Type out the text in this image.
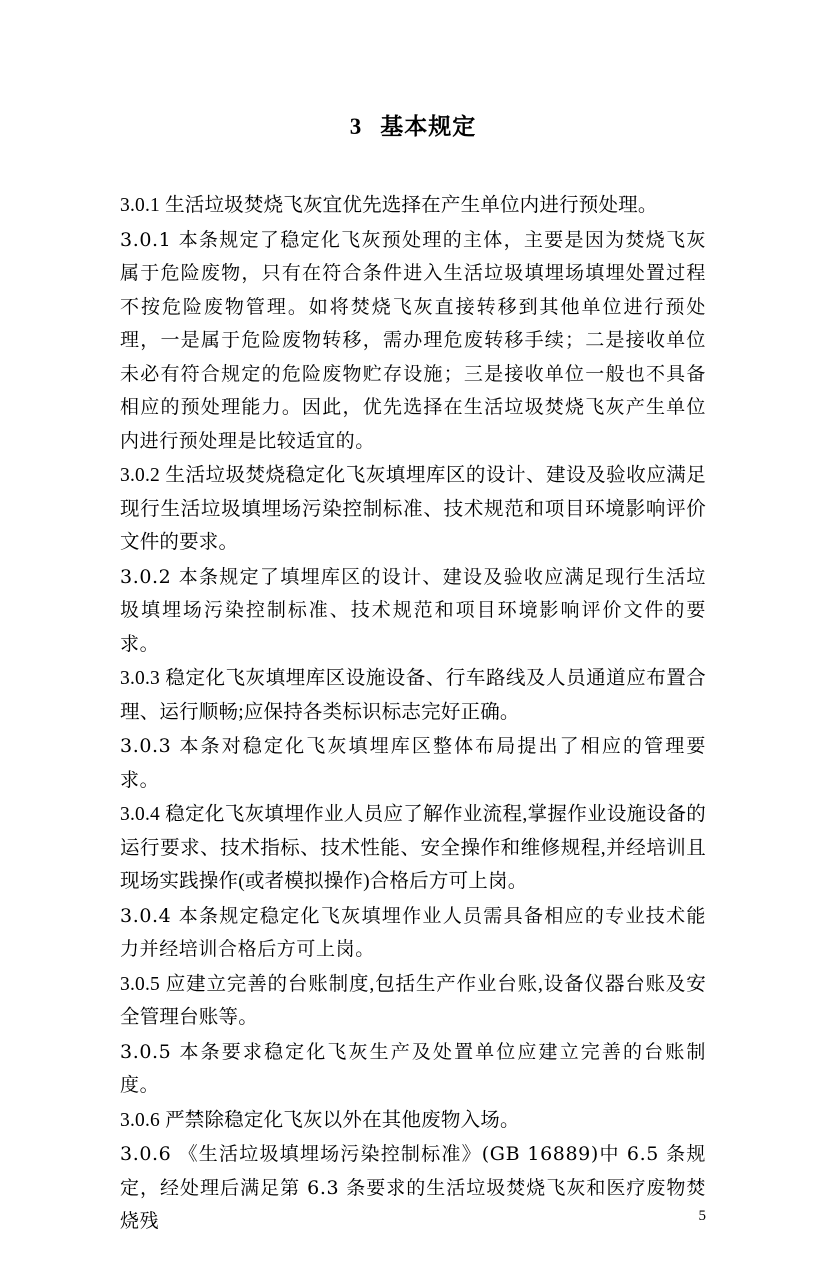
3 基本规定

3.0.1 生活垃圾焚烧飞灰宜优先选择在产生单位内进行预处理。

3.0.1 本条规定了稳定化飞灰预处理的主体，主要是因为焚烧飞灰属于危险废物，只有在符合条件进入生活垃圾填埋场填埋处置过程不按危险废物管理。如将焚烧飞灰直接转移到其他单位进行预处理，一是属于危险废物转移，需办理危废转移手续；二是接收单位未必有符合规定的危险废物贮存设施；三是接收单位一般也不具备相应的预处理能力。因此，优先选择在生活垃圾焚烧飞灰产生单位内进行预处理是比较适宜的。

3.0.2 生活垃圾焚烧稳定化飞灰填埋库区的设计、建设及验收应满足现行生活垃圾填埋场污染控制标准、技术规范和项目环境影响评价文件的要求。

3.0.2 本条规定了填埋库区的设计、建设及验收应满足现行生活垃圾填埋场污染控制标准、技术规范和项目环境影响评价文件的要求。

3.0.3 稳定化飞灰填埋库区设施设备、行车路线及人员通道应布置合理、运行顺畅;应保持各类标识标志完好正确。

3.0.3 本条对稳定化飞灰填埋库区整体布局提出了相应的管理要求。

3.0.4 稳定化飞灰填埋作业人员应了解作业流程,掌握作业设施设备的运行要求、技术指标、技术性能、安全操作和维修规程,并经培训且现场实践操作(或者模拟操作)合格后方可上岗。

3.0.4 本条规定稳定化飞灰填埋作业人员需具备相应的专业技术能力并经培训合格后方可上岗。

3.0.5 应建立完善的台账制度,包括生产作业台账,设备仪器台账及安全管理台账等。

3.0.5 本条要求稳定化飞灰生产及处置单位应建立完善的台账制度。

3.0.6 严禁除稳定化飞灰以外在其他废物入场。

3.0.6 《生活垃圾填埋场污染控制标准》(GB 16889)中 6.5 条规定，经处理后满足第 6.3 条要求的生活垃圾焚烧飞灰和医疗废物焚烧残	5
